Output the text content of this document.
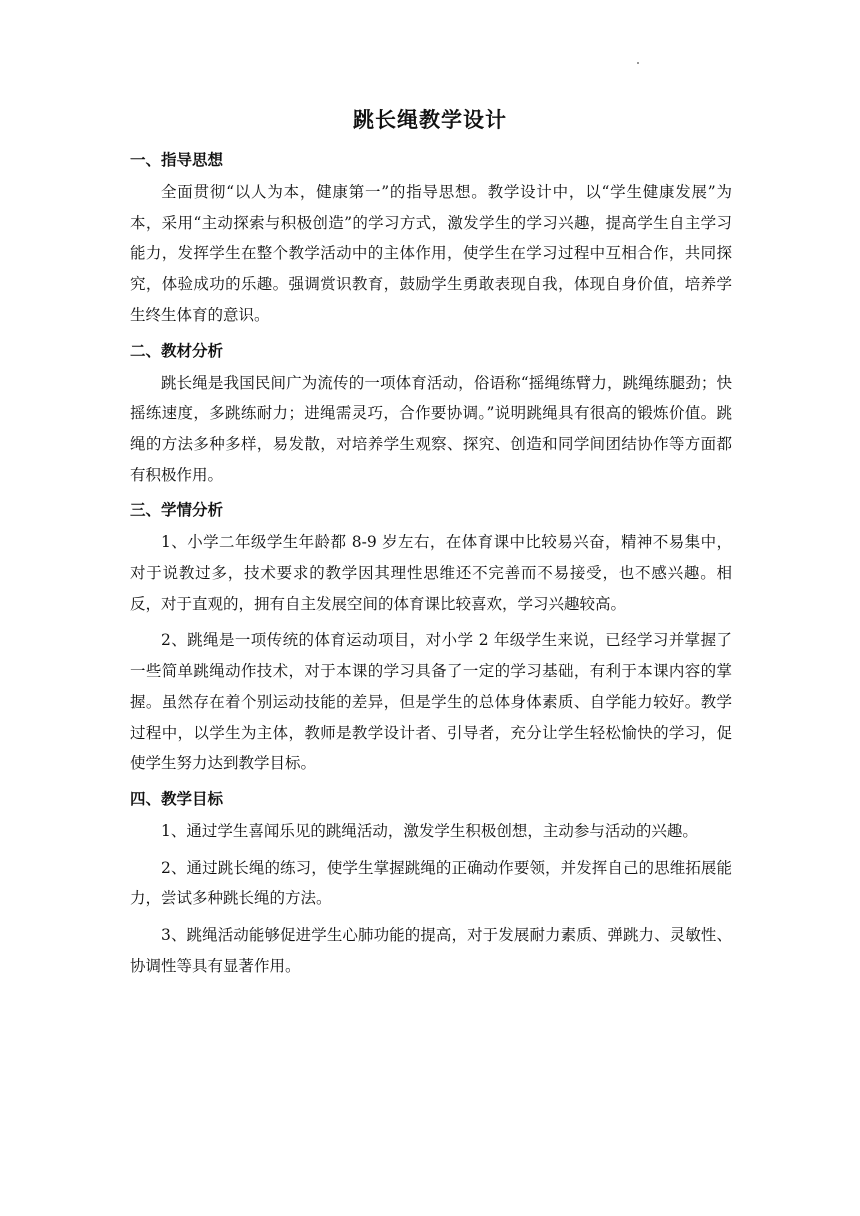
跳长绳教学设计
一、指导思想

全面贯彻“以人为本，健康第一”的指导思想。教学设计中，以“学生健康发展”为本，采用“主动探索与积极创造”的学习方式，激发学生的学习兴趣，提高学生自主学习能力，发挥学生在整个教学活动中的主体作用，使学生在学习过程中互相合作，共同探究，体验成功的乐趣。强调赏识教育，鼓励学生勇敢表现自我，体现自身价值，培养学生终生体育的意识。

二、教材分析

跳长绳是我国民间广为流传的一项体育活动，俗语称“摇绳练臂力，跳绳练腿劲；快摇练速度，多跳练耐力；进绳需灵巧，合作要协调。”说明跳绳具有很高的锻炼价值。跳绳的方法多种多样，易发散，对培养学生观察、探究、创造和同学间团结协作等方面都有积极作用。

三、学情分析

1、小学二年级学生年龄都 8-9 岁左右，在体育课中比较易兴奋，精神不易集中，对于说教过多，技术要求的教学因其理性思维还不完善而不易接受，也不感兴趣。相反，对于直观的，拥有自主发展空间的体育课比较喜欢，学习兴趣较高。

2、跳绳是一项传统的体育运动项目，对小学 2 年级学生来说，已经学习并掌握了一些简单跳绳动作技术，对于本课的学习具备了一定的学习基础，有利于本课内容的掌握。虽然存在着个别运动技能的差异，但是学生的总体身体素质、自学能力较好。教学过程中，以学生为主体，教师是教学设计者、引导者，充分让学生轻松愉快的学习，促使学生努力达到教学目标。

四、教学目标

1、通过学生喜闻乐见的跳绳活动，激发学生积极创想，主动参与活动的兴趣。

2、通过跳长绳的练习，使学生掌握跳绳的正确动作要领，并发挥自己的思维拓展能力，尝试多种跳长绳的方法。

3、跳绳活动能够促进学生心肺功能的提高，对于发展耐力素质、弹跳力、灵敏性、协调性等具有显著作用。
